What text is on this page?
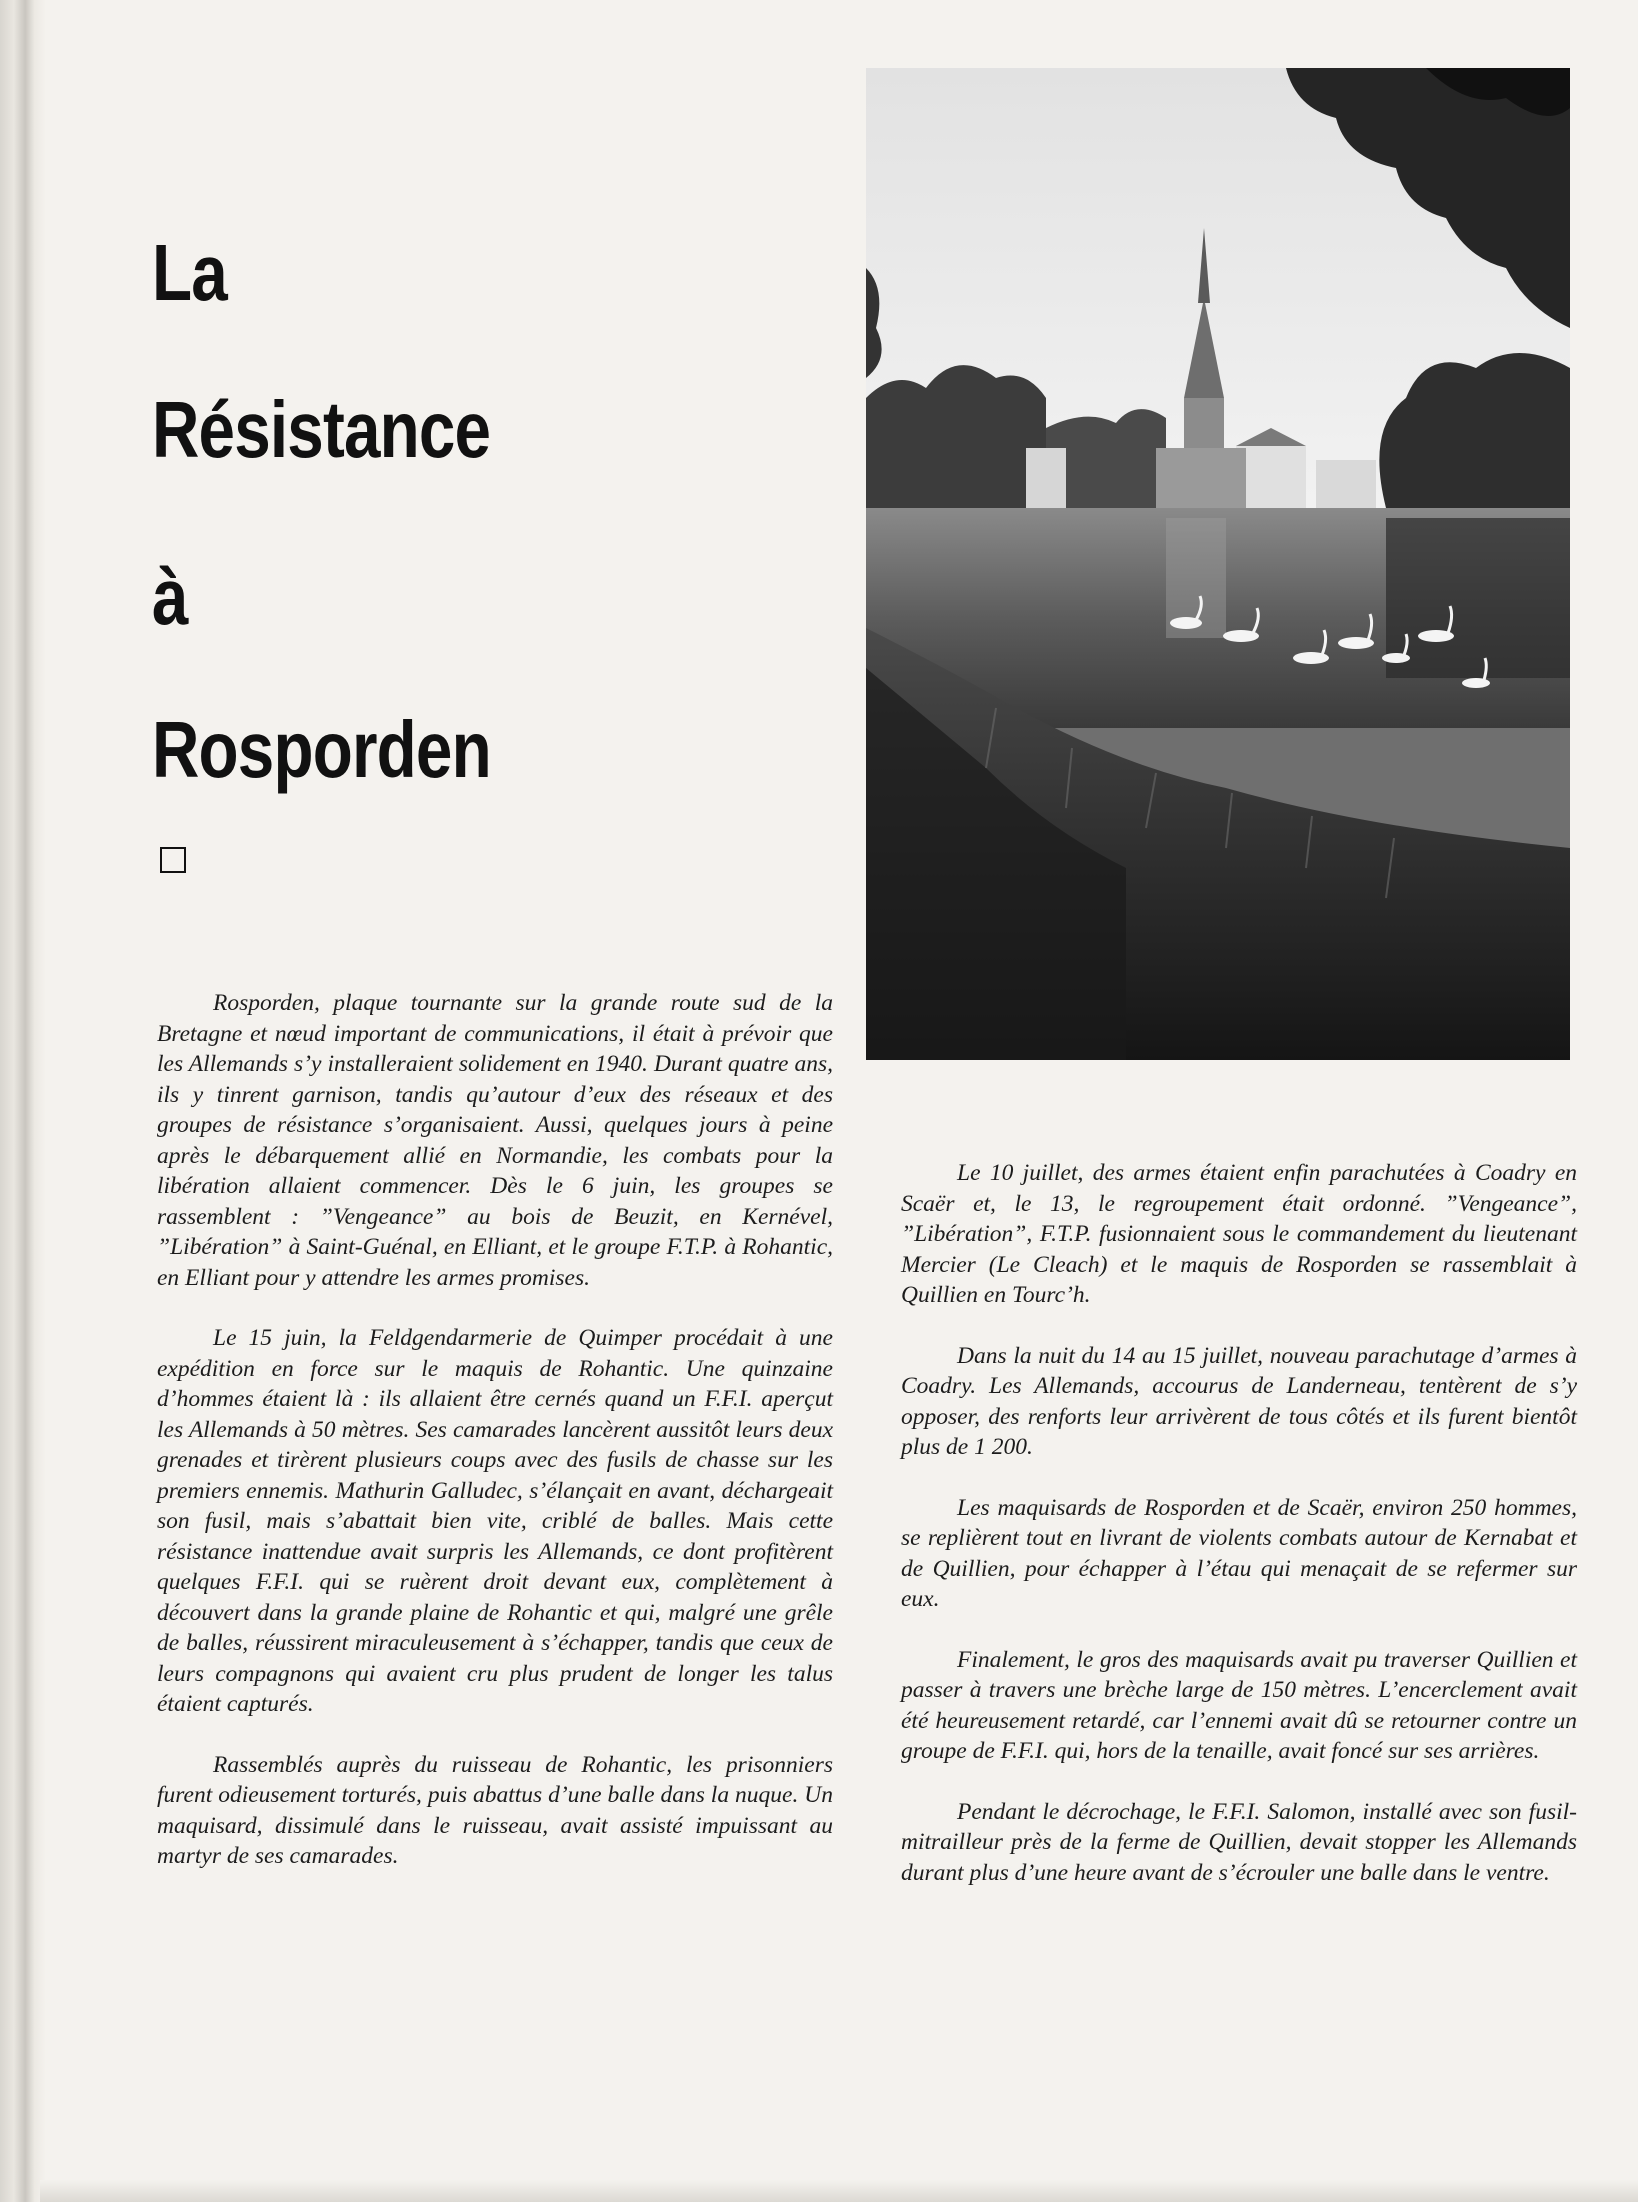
La
Résistance
à
Rosporden

Rosporden, plaque tournante sur la grande route sud de la Bretagne et nœud important de communications, il était à prévoir que les Allemands s’y installeraient solidement en 1940. Durant quatre ans, ils y tinrent garnison, tandis qu’autour d’eux des réseaux et des groupes de résistance s’organisaient. Aussi, quelques jours à peine après le débarquement allié en Normandie, les combats pour la libération allaient commencer. Dès le 6 juin, les groupes se rassemblent : ”Vengeance” au bois de Beuzit, en Kernével, ”Libération” à Saint-Guénal, en Elliant, et le groupe F.T.P. à Rohantic, en Elliant pour y attendre les armes promises.

Le 15 juin, la Feldgendarmerie de Quimper procédait à une expédition en force sur le maquis de Rohantic. Une quinzaine d’hommes étaient là : ils allaient être cernés quand un F.F.I. aperçut les Allemands à 50 mètres. Ses camarades lancèrent aussitôt leurs deux grenades et tirèrent plusieurs coups avec des fusils de chasse sur les premiers ennemis. Mathurin Galludec, s’élançait en avant, déchargeait son fusil, mais s’abattait bien vite, criblé de balles. Mais cette résistance inattendue avait surpris les Allemands, ce dont profitèrent quelques F.F.I. qui se ruèrent droit devant eux, complètement à découvert dans la grande plaine de Rohantic et qui, malgré une grêle de balles, réussirent miraculeusement à s’échapper, tandis que ceux de leurs compagnons qui avaient cru plus prudent de longer les talus étaient capturés.

Rassemblés auprès du ruisseau de Rohantic, les prisonniers furent odieusement torturés, puis abattus d’une balle dans la nuque. Un maquisard, dissimulé dans le ruisseau, avait assisté impuissant au martyr de ses camarades.

Le 10 juillet, des armes étaient enfin parachutées à Coadry en Scaër et, le 13, le regroupement était ordonné. ”Vengeance”, ”Libération”, F.T.P. fusionnaient sous le commandement du lieutenant Mercier (Le Cleach) et le maquis de Rosporden se rassemblait à Quillien en Tourc’h.

Dans la nuit du 14 au 15 juillet, nouveau parachutage d’armes à Coadry. Les Allemands, accourus de Landerneau, tentèrent de s’y opposer, des renforts leur arrivèrent de tous côtés et ils furent bientôt plus de 1 200.

Les maquisards de Rosporden et de Scaër, environ 250 hommes, se replièrent tout en livrant de violents combats autour de Kernabat et de Quillien, pour échapper à l’étau qui menaçait de se refermer sur eux.

Finalement, le gros des maquisards avait pu traverser Quillien et passer à travers une brèche large de 150 mètres. L’encerclement avait été heureusement retardé, car l’ennemi avait dû se retourner contre un groupe de F.F.I. qui, hors de la tenaille, avait foncé sur ses arrières.

Pendant le décrochage, le F.F.I. Salomon, installé avec son fusil-mitrailleur près de la ferme de Quillien, devait stopper les Allemands durant plus d’une heure avant de s’écrouler une balle dans le ventre.
